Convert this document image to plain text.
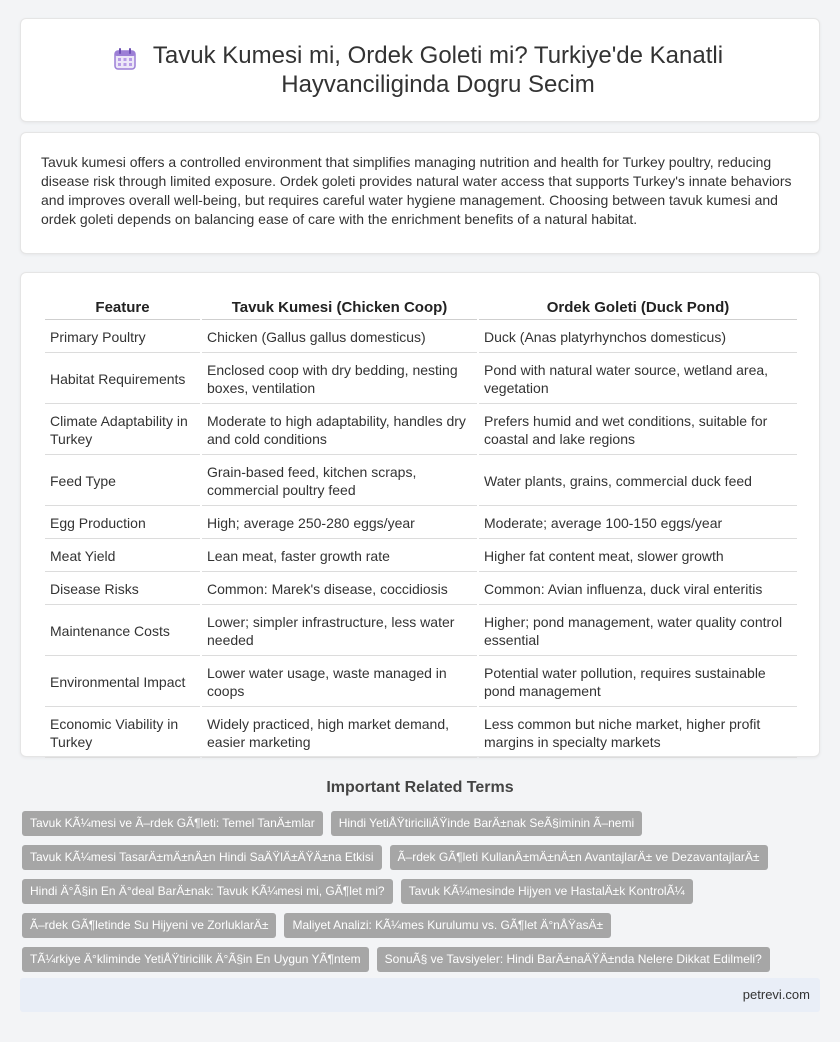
Tavuk Kumesi mi, Ordek Goleti mi? Turkiye'de Kanatli Hayvanciliginda Dogru Secim

Tavuk kumesi offers a controlled environment that simplifies managing nutrition and health for Turkey poultry, reducing disease risk through limited exposure. Ordek goleti provides natural water access that supports Turkey's innate behaviors and improves overall well-being, but requires careful water hygiene management. Choosing between tavuk kumesi and ordek goleti depends on balancing ease of care with the enrichment benefits of a natural habitat.

Feature	Tavuk Kumesi (Chicken Coop)	Ordek Goleti (Duck Pond)
Primary Poultry	Chicken (Gallus gallus domesticus)	Duck (Anas platyrhynchos domesticus)
Habitat Requirements	Enclosed coop with dry bedding, nesting boxes, ventilation	Pond with natural water source, wetland area, vegetation
Climate Adaptability in Turkey	Moderate to high adaptability, handles dry and cold conditions	Prefers humid and wet conditions, suitable for coastal and lake regions
Feed Type	Grain-based feed, kitchen scraps, commercial poultry feed	Water plants, grains, commercial duck feed
Egg Production	High; average 250-280 eggs/year	Moderate; average 100-150 eggs/year
Meat Yield	Lean meat, faster growth rate	Higher fat content meat, slower growth
Disease Risks	Common: Marek's disease, coccidiosis	Common: Avian influenza, duck viral enteritis
Maintenance Costs	Lower; simpler infrastructure, less water needed	Higher; pond management, water quality control essential
Environmental Impact	Lower water usage, waste managed in coops	Potential water pollution, requires sustainable pond management
Economic Viability in Turkey	Widely practiced, high market demand, easier marketing	Less common but niche market, higher profit margins in specialty markets
Important Related Terms
Tavuk KÃ¼mesi ve Ã–rdek GÃ¶leti: Temel TanÄ±mlar	Hindi YetiÅŸtiriciliÄŸinde BarÄ±nak SeÃ§iminin Ã–nemi
Tavuk KÃ¼mesi TasarÄ±mÄ±nÄ±n Hindi SaÄŸlÄ±ÄŸÄ±na Etkisi	Ã–rdek GÃ¶leti KullanÄ±mÄ±nÄ±n AvantajlarÄ± ve DezavantajlarÄ±
Hindi Ä°Ã§in En Ä°deal BarÄ±nak: Tavuk KÃ¼mesi mi, GÃ¶let mi?	Tavuk KÃ¼mesinde Hijyen ve HastalÄ±k KontrolÃ¼
Ã–rdek GÃ¶letinde Su Hijyeni ve ZorluklarÄ±	Maliyet Analizi: KÃ¼mes Kurulumu vs. GÃ¶let Ä°nÅŸasÄ±
TÃ¼rkiye Ä°kliminde YetiÅŸtiricilik Ä°Ã§in En Uygun YÃ¶ntem	SonuÃ§ ve Tavsiyeler: Hindi BarÄ±naÄŸÄ±nda Nelere Dikkat Edilmeli?
petrevi.com
